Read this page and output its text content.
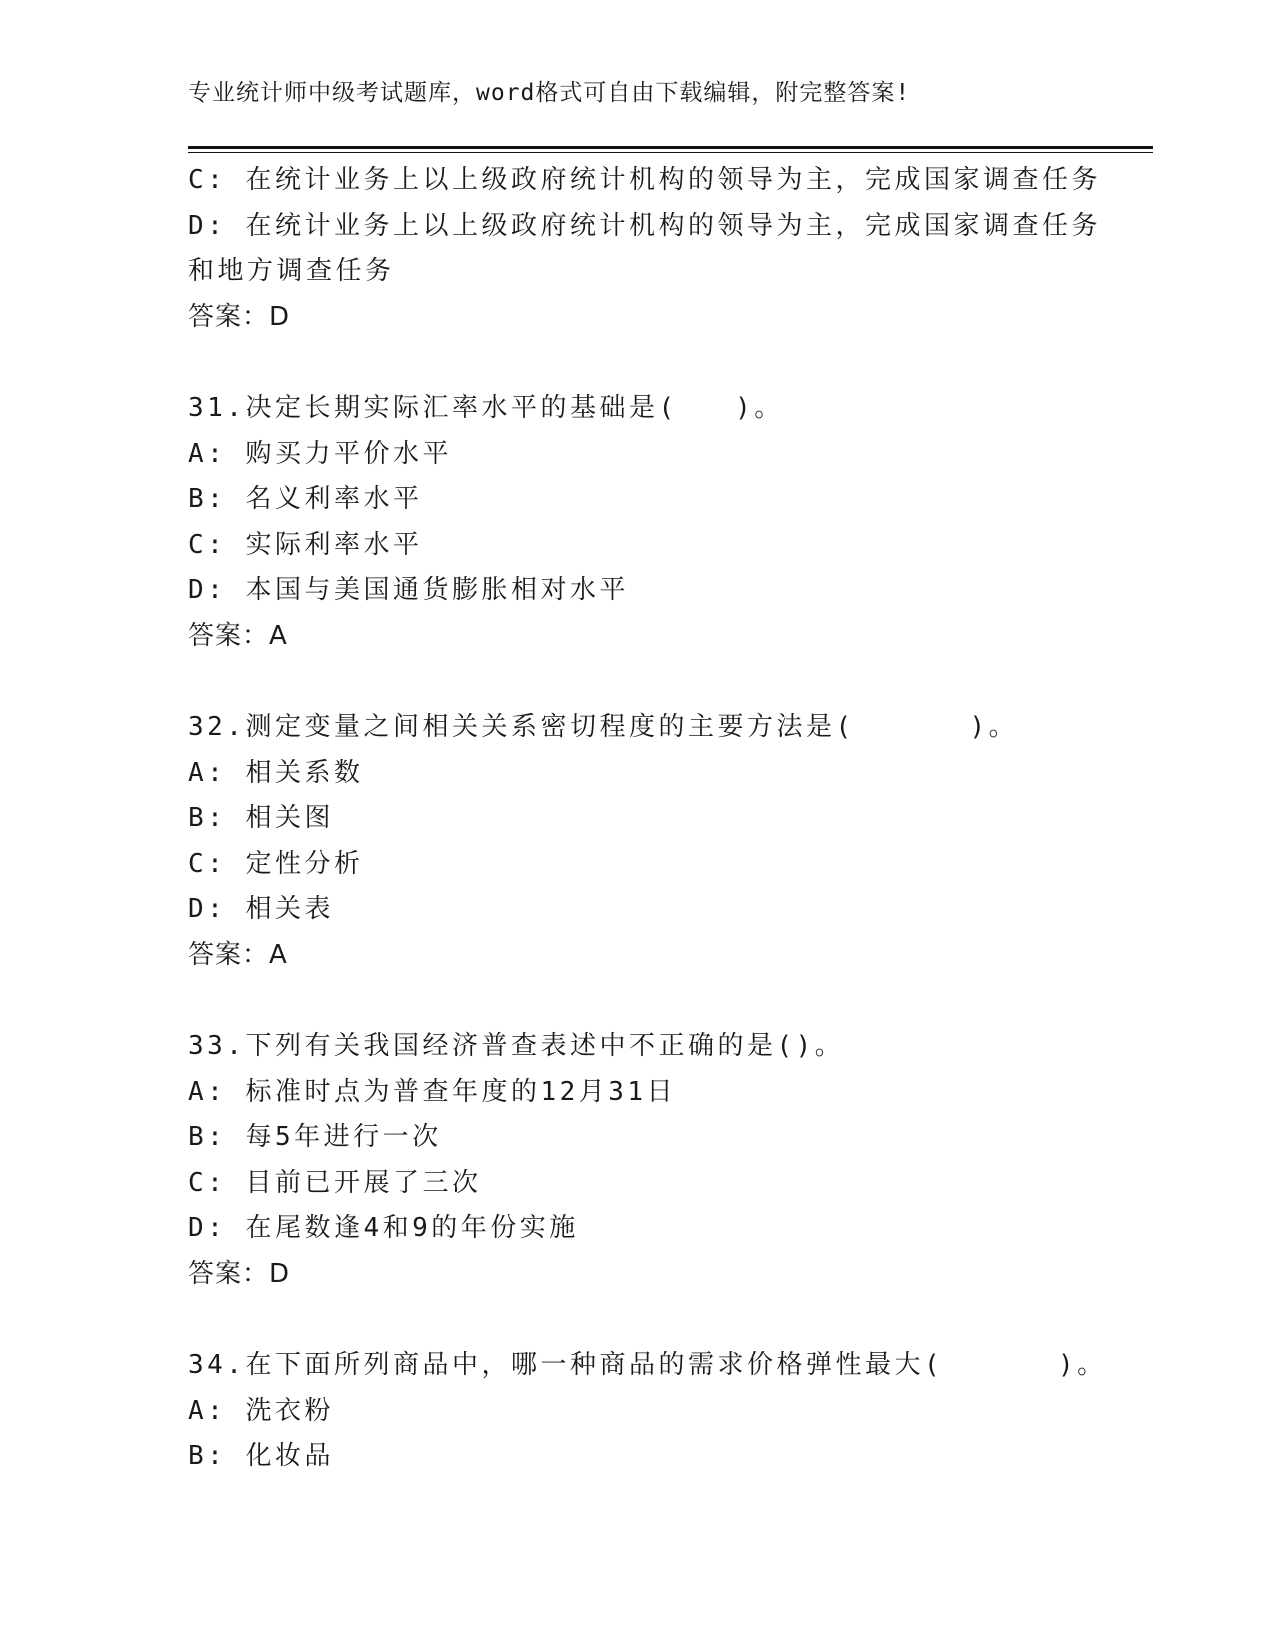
专业统计师中级考试题库，word格式可自由下载编辑，附完整答案!
C: 在统计业务上以上级政府统计机构的领导为主，完成国家调查任务
D: 在统计业务上以上级政府统计机构的领导为主，完成国家调查任务
和地方调查任务
答案：D
31.决定长期实际汇率水平的基础是(   )。
A: 购买力平价水平
B: 名义利率水平
C: 实际利率水平
D: 本国与美国通货膨胀相对水平
答案：A
32.测定变量之间相关关系密切程度的主要方法是(      )。
A: 相关系数
B: 相关图
C: 定性分析
D: 相关表
答案：A
33.下列有关我国经济普查表述中不正确的是()。
A: 标准时点为普查年度的12月31日
B: 每5年进行一次
C: 目前已开展了三次
D: 在尾数逢4和9的年份实施
答案：D
34.在下面所列商品中，哪一种商品的需求价格弹性最大(      )。
A: 洗衣粉
B: 化妆品
